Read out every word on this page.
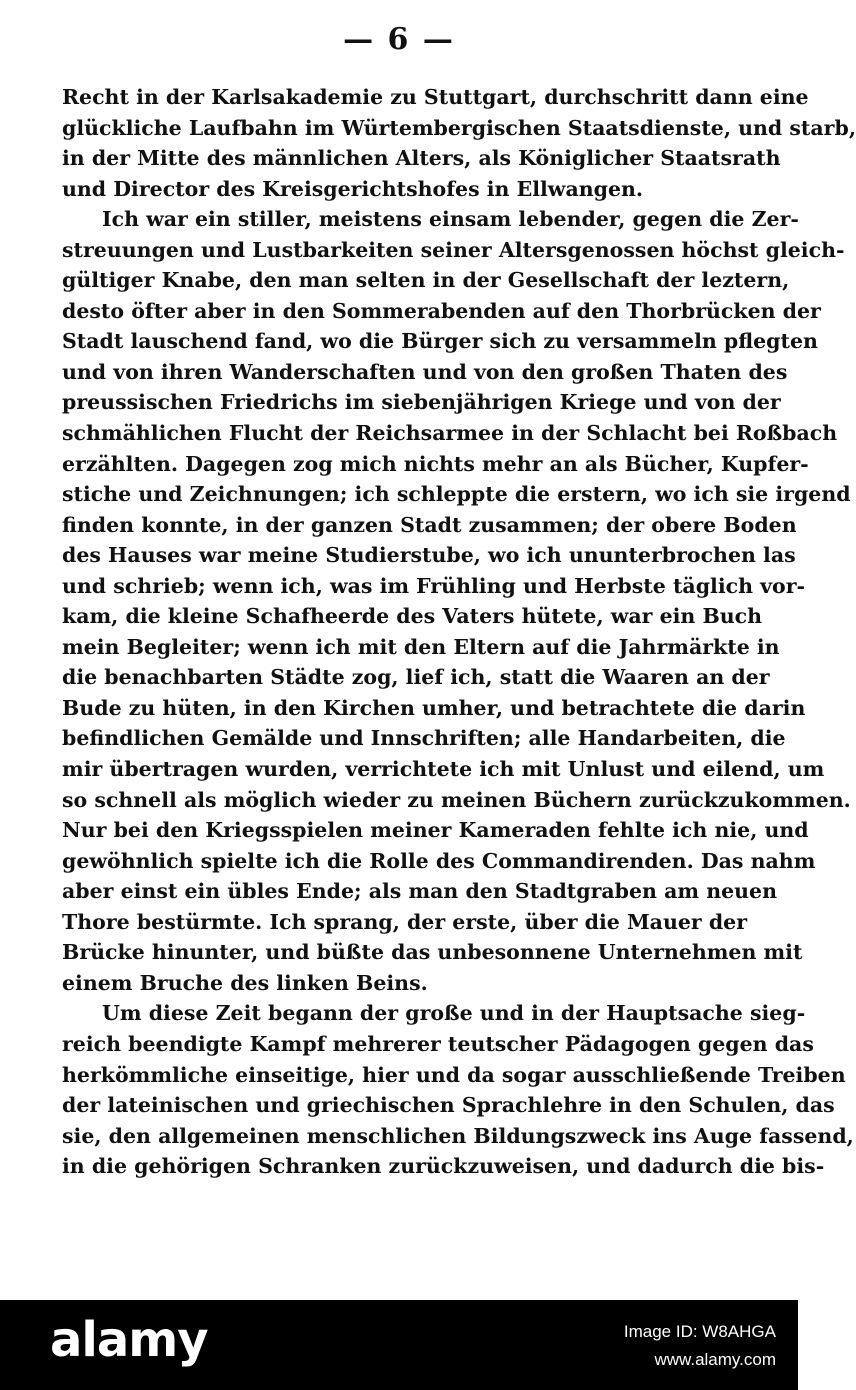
— 6 —
Recht in der Karlsakademie zu Stuttgart, durchschritt dann eine
glückliche Laufbahn im Würtembergischen Staatsdienste, und starb,
in der Mitte des männlichen Alters, als Königlicher Staatsrath
und Director des Kreisgerichtshofes in Ellwangen.
Ich war ein stiller, meistens einsam lebender, gegen die Zer-
streuungen und Lustbarkeiten seiner Altersgenossen höchst gleich-
gültiger Knabe, den man selten in der Gesellschaft der leztern,
desto öfter aber in den Sommerabenden auf den Thorbrücken der
Stadt lauschend fand, wo die Bürger sich zu versammeln pflegten
und von ihren Wanderschaften und von den großen Thaten des
preussischen Friedrichs im siebenjährigen Kriege und von der
schmählichen Flucht der Reichsarmee in der Schlacht bei Roßbach
erzählten. Dagegen zog mich nichts mehr an als Bücher, Kupfer-
stiche und Zeichnungen; ich schleppte die erstern, wo ich sie irgend
finden konnte, in der ganzen Stadt zusammen; der obere Boden
des Hauses war meine Studierstube, wo ich ununterbrochen las
und schrieb; wenn ich, was im Frühling und Herbste täglich vor-
kam, die kleine Schafheerde des Vaters hütete, war ein Buch
mein Begleiter; wenn ich mit den Eltern auf die Jahrmärkte in
die benachbarten Städte zog, lief ich, statt die Waaren an der
Bude zu hüten, in den Kirchen umher, und betrachtete die darin
befindlichen Gemälde und Innschriften; alle Handarbeiten, die
mir übertragen wurden, verrichtete ich mit Unlust und eilend, um
so schnell als möglich wieder zu meinen Büchern zurückzukommen.
Nur bei den Kriegsspielen meiner Kameraden fehlte ich nie, und
gewöhnlich spielte ich die Rolle des Commandirenden. Das nahm
aber einst ein übles Ende; als man den Stadtgraben am neuen
Thore bestürmte. Ich sprang, der erste, über die Mauer der
Brücke hinunter, und büßte das unbesonnene Unternehmen mit
einem Bruche des linken Beins.
Um diese Zeit begann der große und in der Hauptsache sieg-
reich beendigte Kampf mehrerer teutscher Pädagogen gegen das
herkömmliche einseitige, hier und da sogar ausschließende Treiben
der lateinischen und griechischen Sprachlehre in den Schulen, das
sie, den allgemeinen menschlichen Bildungszweck ins Auge fassend,
in die gehörigen Schranken zurückzuweisen, und dadurch die bis-
alamy	Image ID: W8AHGA
www.alamy.com
